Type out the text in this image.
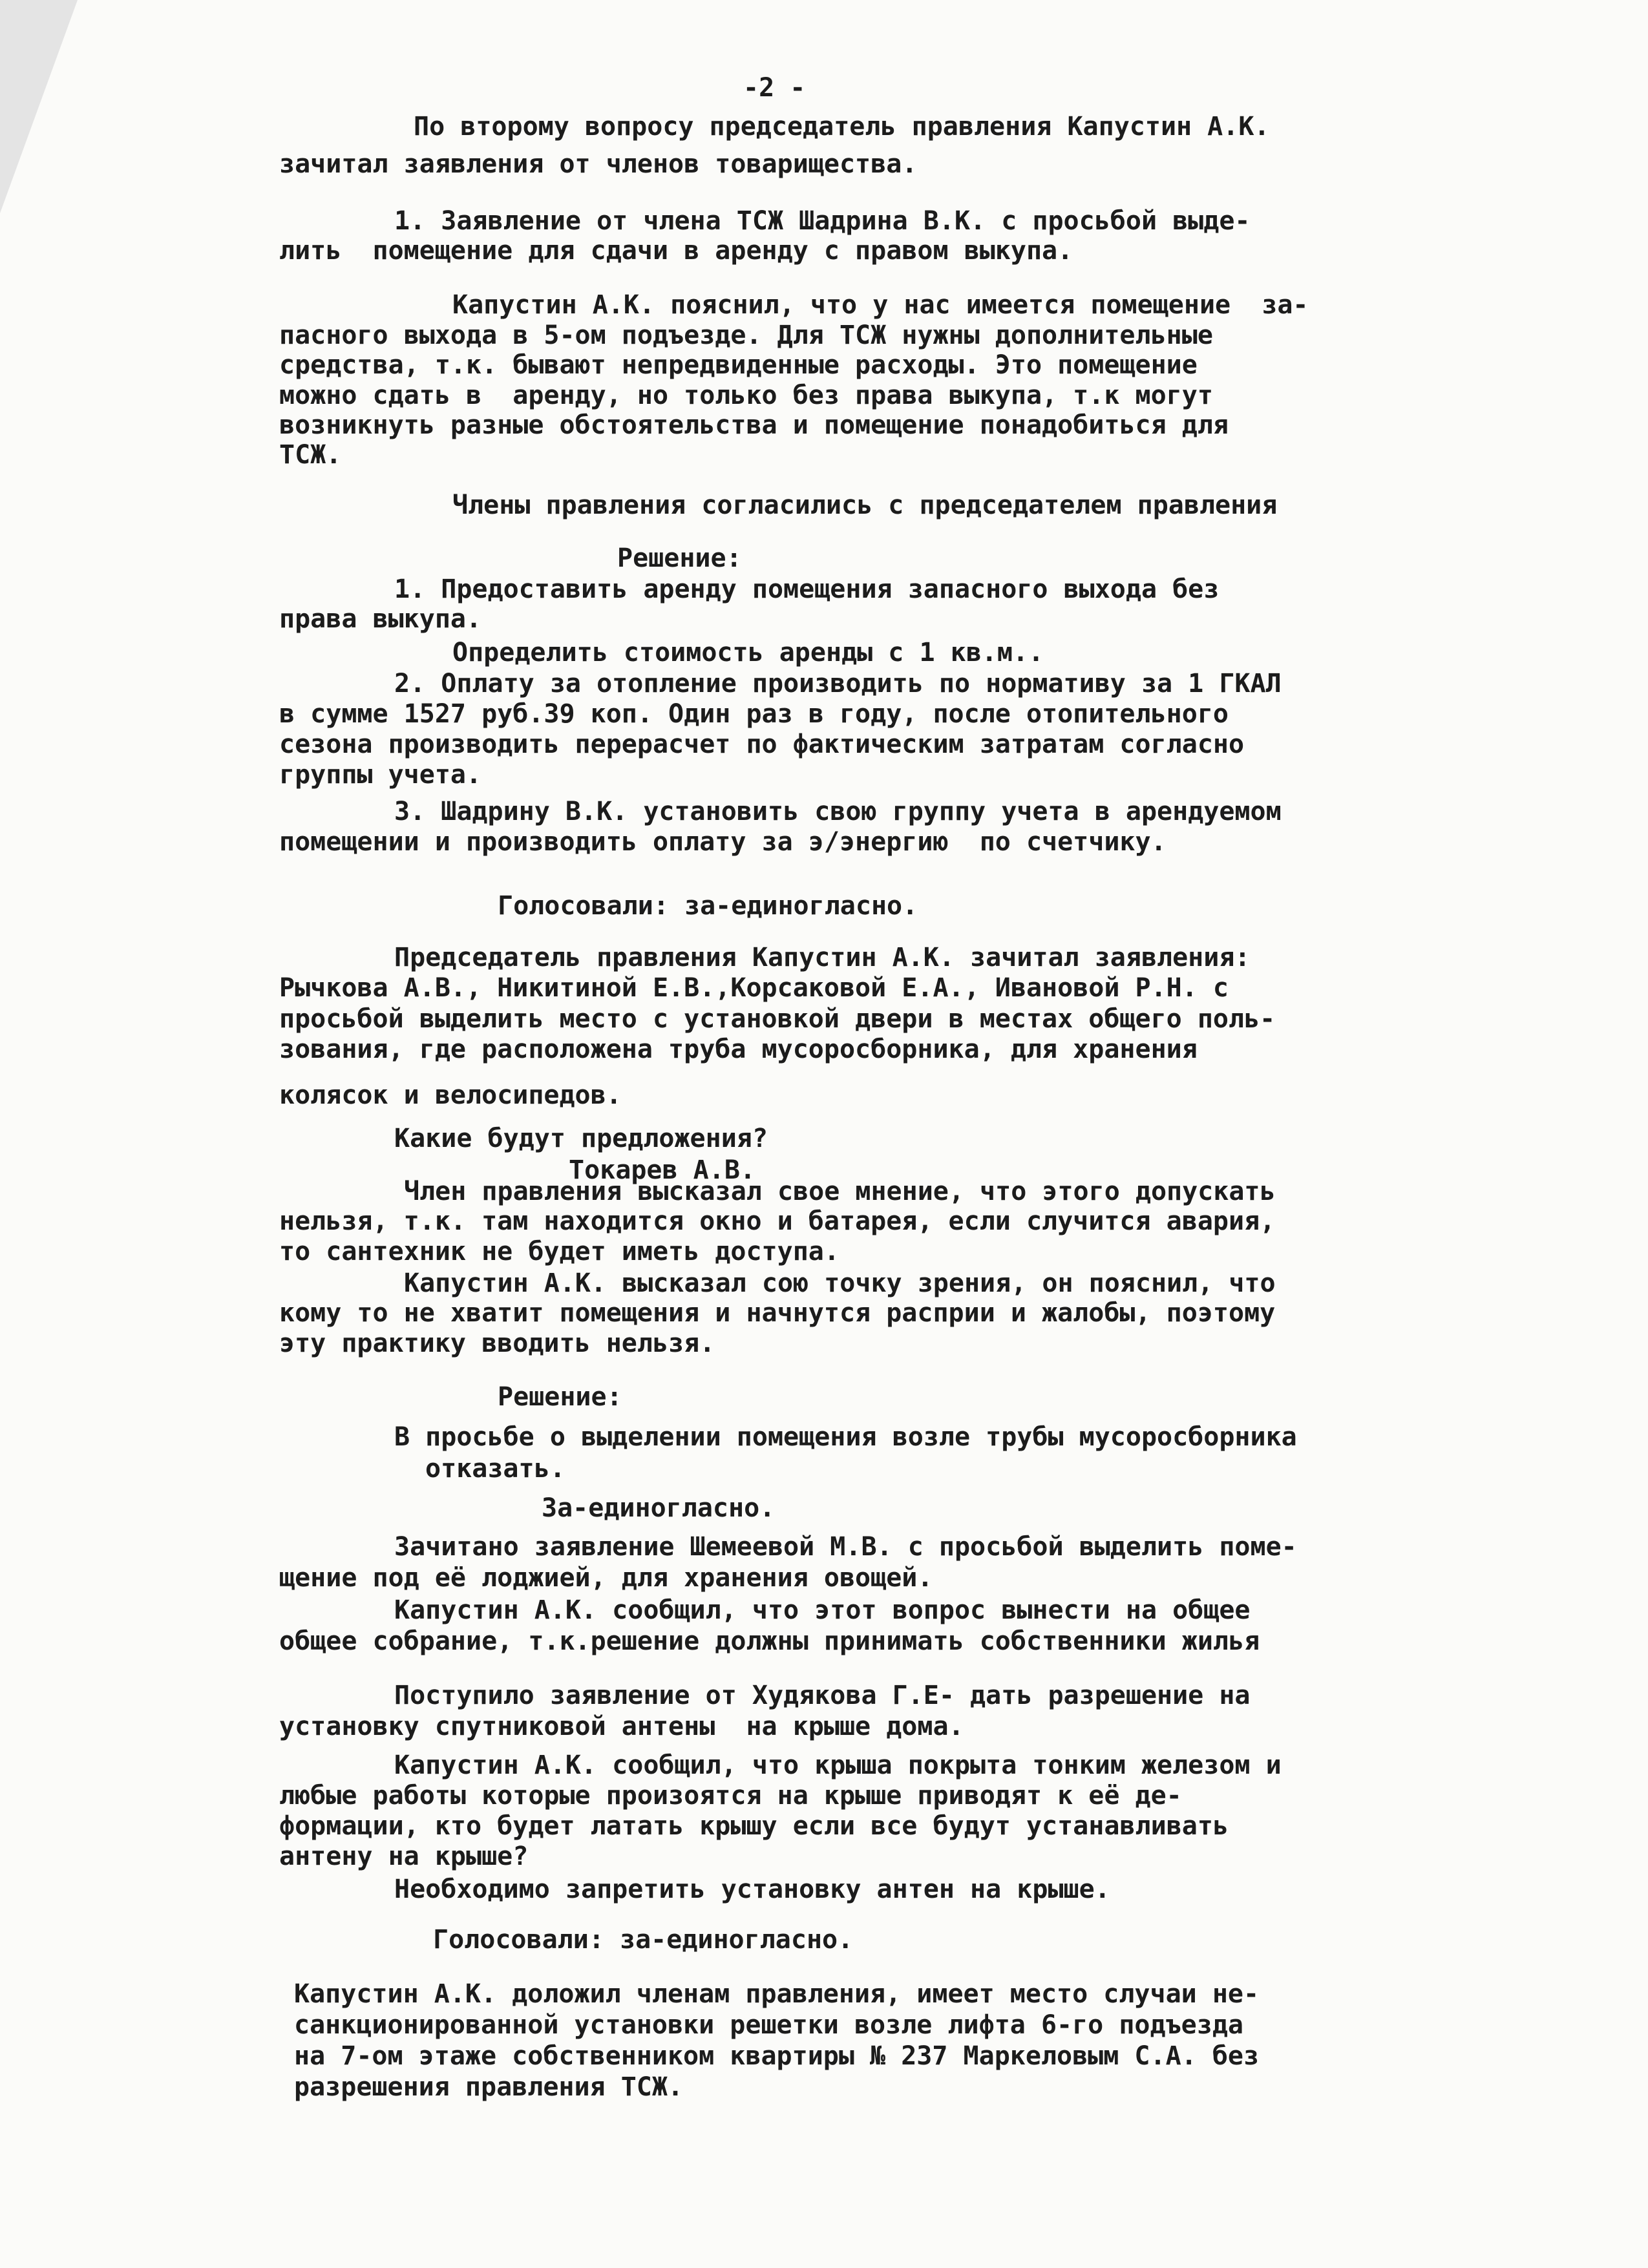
-2 -
По второму вопросу председатель правления Капустин А.К.
зачитал заявления от членов товарищества.
1. Заявление от члена ТСЖ Шадрина В.К. с просьбой выде-
лить  помещение для сдачи в аренду с правом выкупа.
Капустин А.К. пояснил, что у нас имеется помещение  за-
пасного выхода в 5-ом подъезде. Для ТСЖ нужны дополнительные
средства, т.к. бывают непредвиденные расходы. Это помещение
можно сдать в  аренду, но только без права выкупа, т.к могут
возникнуть разные обстоятельства и помещение понадобиться для
ТСЖ.
Члены правления согласились с председателем правления
Решение:
1. Предоставить аренду помещения запасного выхода без
права выкупа.
Определить стоимость аренды с 1 кв.м..
2. Оплату за отопление производить по нормативу за 1 ГКАЛ
в сумме 1527 руб.39 коп. Один раз в году, после отопительного
сезона производить перерасчет по фактическим затратам согласно
группы учета.
3. Шадрину В.К. установить свою группу учета в арендуемом
помещении и производить оплату за э/энергию  по счетчику.
Голосовали: за-единогласно.
Председатель правления Капустин А.К. зачитал заявления:
Рычкова А.В., Никитиной Е.В.,Корсаковой Е.А., Ивановой Р.Н. с
просьбой выделить место с установкой двери в местах общего поль-
зования, где расположена труба мусоросборника, для хранения
колясок и велосипедов.
Какие будут предложения?
Токарев А.В.
Член правления высказал свое мнение, что этого допускать
нельзя, т.к. там находится окно и батарея, если случится авария,
то сантехник не будет иметь доступа.
Капустин А.К. высказал сою точку зрения, он пояснил, что
кому то не хватит помещения и начнутся расприи и жалобы, поэтому
эту практику вводить нельзя.
Решение:
В просьбе о выделении помещения возле трубы мусоросборника
отказать.
За-единогласно.
Зачитано заявление Шемеевой М.В. с просьбой выделить поме-
щение под её лоджией, для хранения овощей.
Капустин А.К. сообщил, что этот вопрос вынести на общее
общее собрание, т.к.решение должны принимать собственники жилья
Поступило заявление от Худякова Г.Е- дать разрешение на
установку спутниковой антены  на крыше дома.
Капустин А.К. сообщил, что крыша покрыта тонким железом и
любые работы которые произоятся на крыше приводят к её де-
формации, кто будет латать крышу если все будут устанавливать
антену на крыше?
Необходимо запретить установку антен на крыше.
Голосовали: за-единогласно.
Капустин А.К. доложил членам правления, имеет место случаи не-
санкционированной установки решетки возле лифта 6-го подъезда
на 7-ом этаже собственником квартиры № 237 Маркеловым С.А. без
разрешения правления ТСЖ.
